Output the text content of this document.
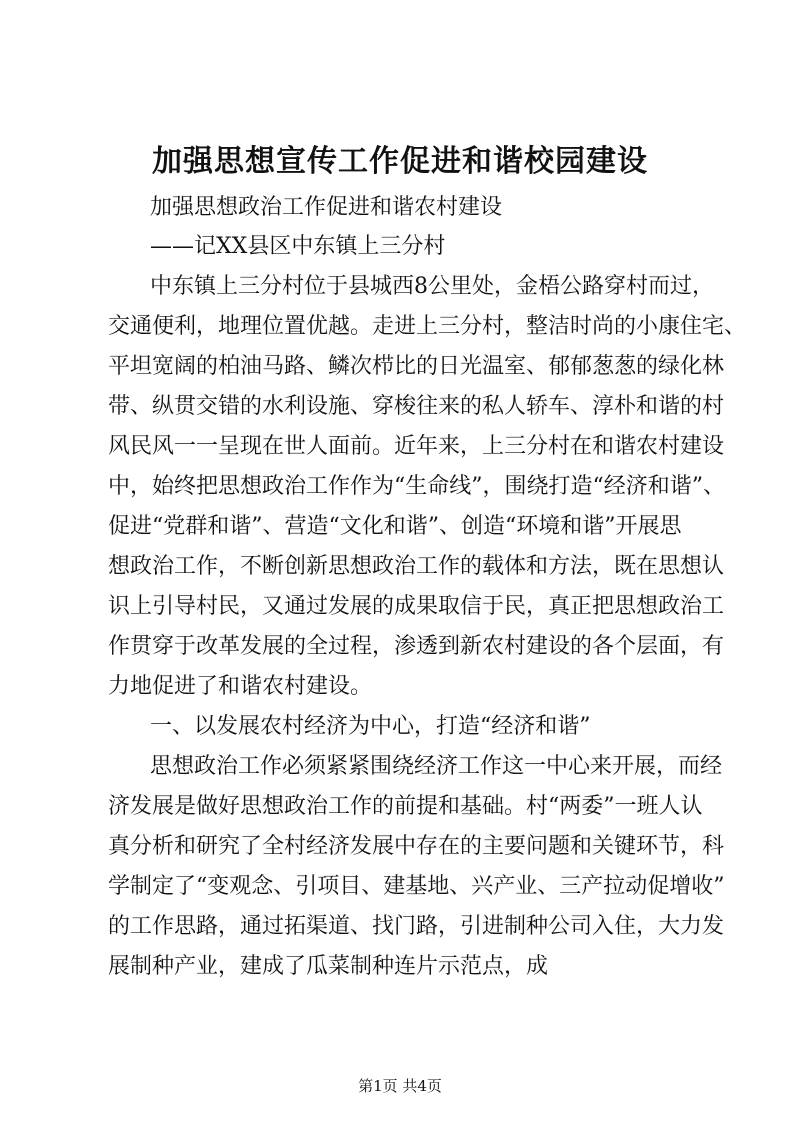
加强思想宣传工作促进和谐校园建设

加强思想政治工作促进和谐农村建设

——记XX县区中东镇上三分村

中东镇上三分村位于县城西8公里处，金梧公路穿村而过，

交通便利，地理位置优越。走进上三分村，整洁时尚的小康住宅、

平坦宽阔的柏油马路、鳞次栉比的日光温室、郁郁葱葱的绿化林

带、纵贯交错的水利设施、穿梭往来的私人轿车、淳朴和谐的村

风民风一一呈现在世人面前。近年来，上三分村在和谐农村建设

中，始终把思想政治工作作为“生命线”，围绕打造“经济和谐”、

促进“党群和谐”、营造“文化和谐”、创造“环境和谐”开展思

想政治工作，不断创新思想政治工作的载体和方法，既在思想认

识上引导村民，又通过发展的成果取信于民，真正把思想政治工

作贯穿于改革发展的全过程，渗透到新农村建设的各个层面，有

力地促进了和谐农村建设。

一、以发展农村经济为中心，打造“经济和谐”

思想政治工作必须紧紧围绕经济工作这一中心来开展，而经

济发展是做好思想政治工作的前提和基础。村“两委”一班人认

真分析和研究了全村经济发展中存在的主要问题和关键环节，科

学制定了“变观念、引项目、建基地、兴产业、三产拉动促增收”

的工作思路，通过拓渠道、找门路，引进制种公司入住，大力发

展制种产业，建成了瓜菜制种连片示范点，成

第1页 共4页
